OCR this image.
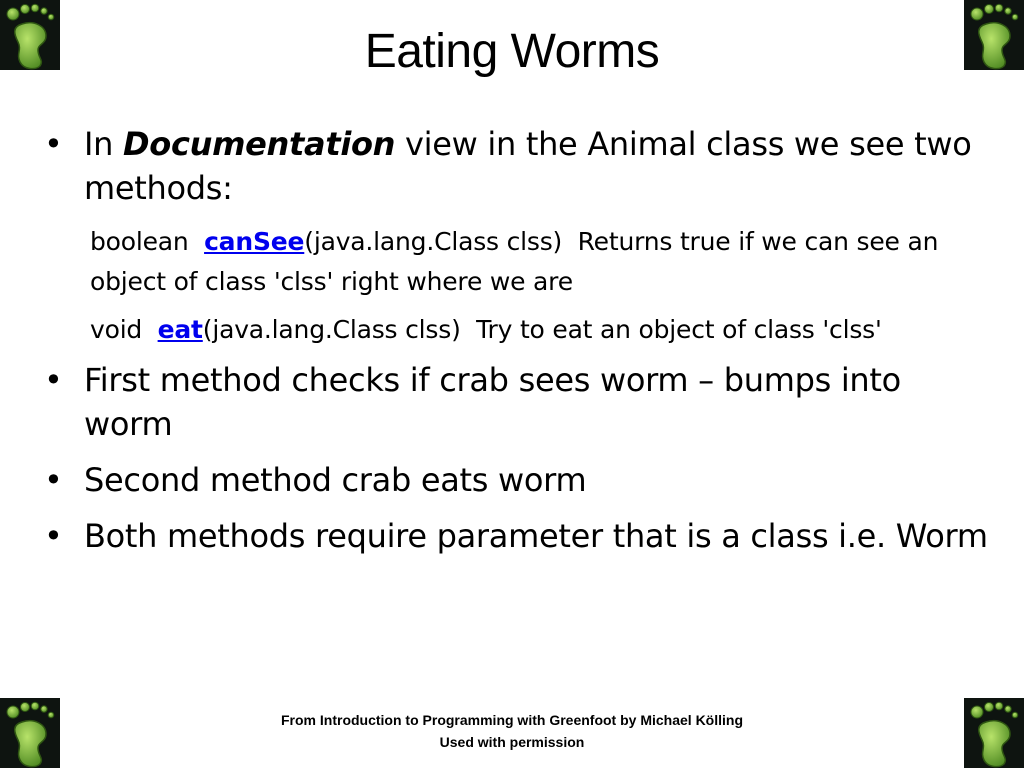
Eating Worms
• In Documentation view in the Animal class we see two methods:
boolean canSee(java.lang.Class clss) Returns true if we can see an object of class 'clss' right where we are
void eat(java.lang.Class clss) Try to eat an object of class 'clss'
• First method checks if crab sees worm – bumps into worm
• Second method crab eats worm
• Both methods require parameter that is a class i.e. Worm
From Introduction to Programming with Greenfoot by Michael Kölling
Used with permission
